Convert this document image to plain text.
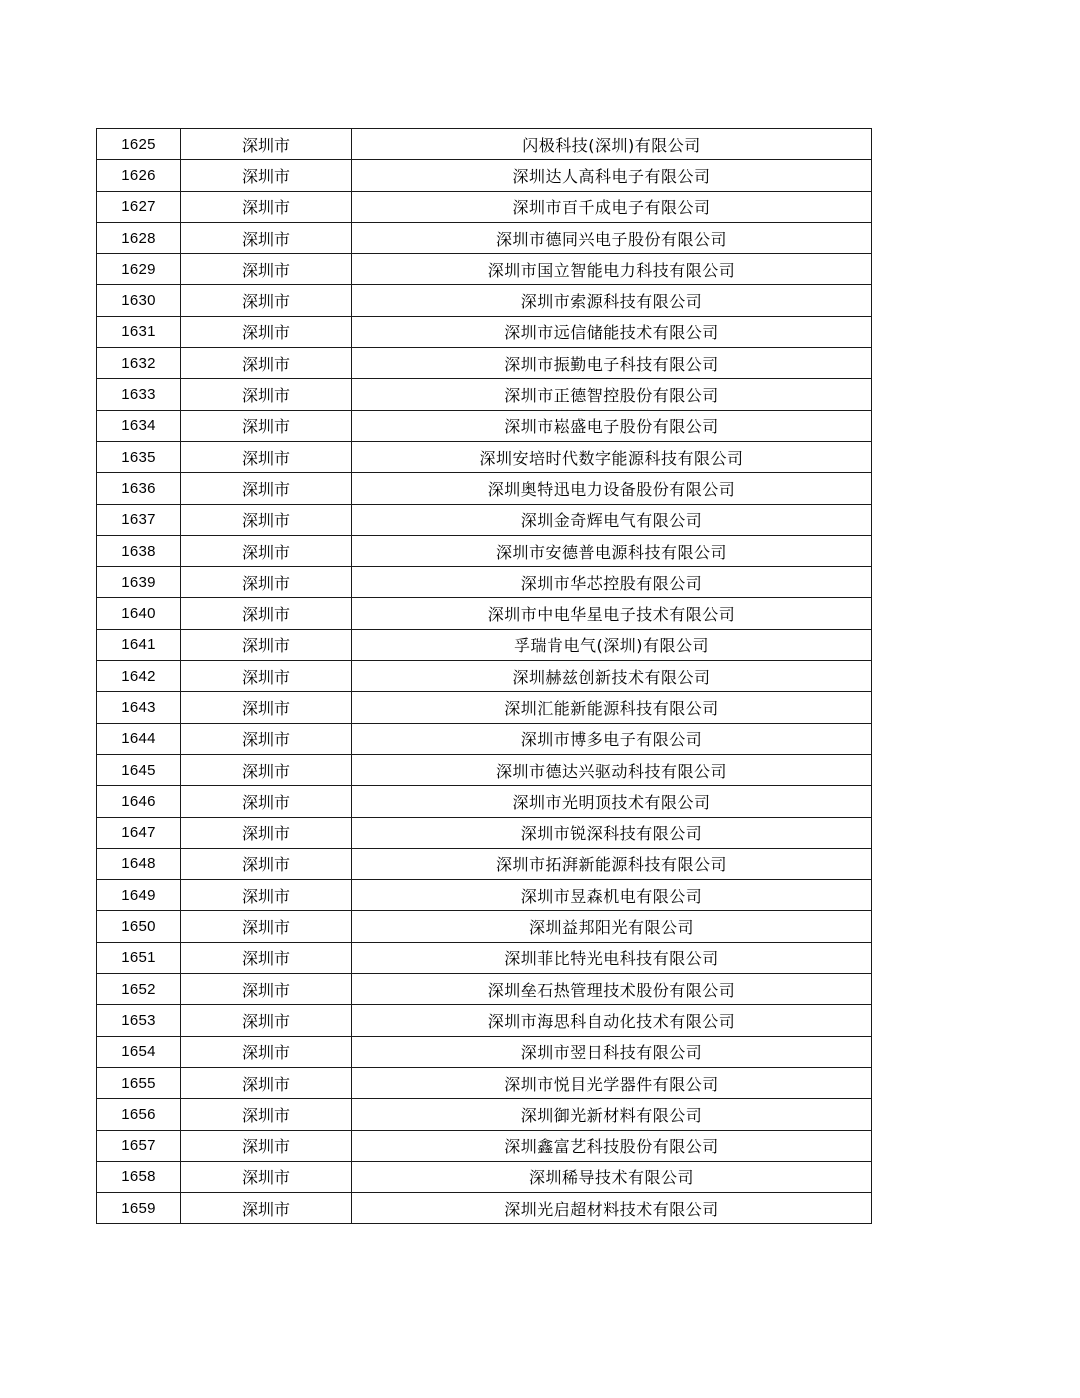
1625	深圳市	闪极科技(深圳)有限公司
1626	深圳市	深圳达人高科电子有限公司
1627	深圳市	深圳市百千成电子有限公司
1628	深圳市	深圳市德同兴电子股份有限公司
1629	深圳市	深圳市国立智能电力科技有限公司
1630	深圳市	深圳市索源科技有限公司
1631	深圳市	深圳市远信储能技术有限公司
1632	深圳市	深圳市振勤电子科技有限公司
1633	深圳市	深圳市正德智控股份有限公司
1634	深圳市	深圳市崧盛电子股份有限公司
1635	深圳市	深圳安培时代数字能源科技有限公司
1636	深圳市	深圳奥特迅电力设备股份有限公司
1637	深圳市	深圳金奇辉电气有限公司
1638	深圳市	深圳市安德普电源科技有限公司
1639	深圳市	深圳市华芯控股有限公司
1640	深圳市	深圳市中电华星电子技术有限公司
1641	深圳市	孚瑞肯电气(深圳)有限公司
1642	深圳市	深圳赫兹创新技术有限公司
1643	深圳市	深圳汇能新能源科技有限公司
1644	深圳市	深圳市博多电子有限公司
1645	深圳市	深圳市德达兴驱动科技有限公司
1646	深圳市	深圳市光明顶技术有限公司
1647	深圳市	深圳市锐深科技有限公司
1648	深圳市	深圳市拓湃新能源科技有限公司
1649	深圳市	深圳市昱森机电有限公司
1650	深圳市	深圳益邦阳光有限公司
1651	深圳市	深圳菲比特光电科技有限公司
1652	深圳市	深圳垒石热管理技术股份有限公司
1653	深圳市	深圳市海思科自动化技术有限公司
1654	深圳市	深圳市翌日科技有限公司
1655	深圳市	深圳市悦目光学器件有限公司
1656	深圳市	深圳御光新材料有限公司
1657	深圳市	深圳鑫富艺科技股份有限公司
1658	深圳市	深圳稀导技术有限公司
1659	深圳市	深圳光启超材料技术有限公司
